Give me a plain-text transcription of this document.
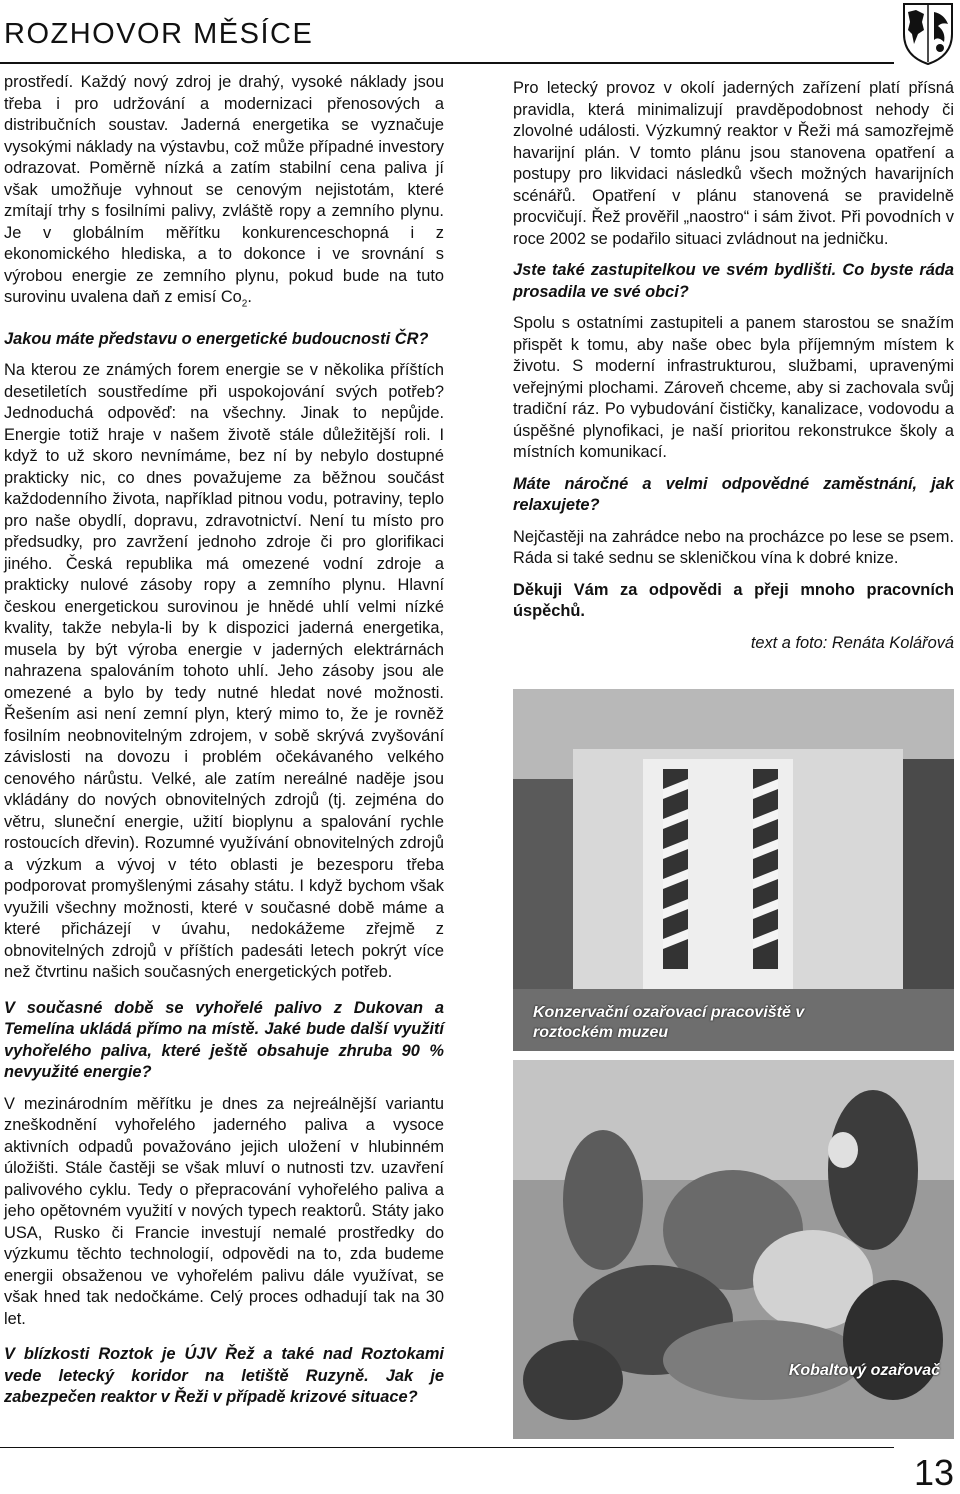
ROZHOVOR MĚSÍCE

prostředí. Každý nový zdroj je drahý, vysoké náklady jsou třeba i pro udržování a modernizaci přenosových a distribučních soustav. Jaderná energetika se vyznačuje vysokými náklady na výstavbu, což může případné investory odrazovat. Poměrně nízká a zatím stabilní cena paliva jí však umožňuje vyhnout se cenovým nejistotám, které zmítají trhy s fosilními palivy, zvláště ropy a zemního plynu. Je v globálním měřítku konkurenceschopná i z ekonomického hlediska, a to dokonce i ve srovnání s výrobou energie ze zemního plynu, pokud bude na tuto surovinu uvalena daň z emisí $Co_2$.

Jakou máte představu o energetické budoucnosti ČR?

Na kterou ze známých forem energie se v několika příštích desetiletích soustředíme při uspokojování svých potřeb? Jednoduchá odpověď: na všechny. Jinak to nepůjde. Energie totiž hraje v našem životě stále důležitější roli. I když to už skoro nevnímáme, bez ní by nebylo dostupné prakticky nic, co dnes považujeme za běžnou součást každodenního života, například pitnou vodu, potraviny, teplo pro naše obydlí, dopravu, zdravotnictví. Není tu místo pro předsudky, pro zavržení jednoho zdroje či pro glorifikaci jiného. Česká republika má omezené vodní zdroje a prakticky nulové zásoby ropy a zemního plynu. Hlavní českou energetickou surovinou je hnědé uhlí velmi nízké kvality, takže nebyla-li by k dispozici jaderná energetika, musela by být výroba energie v jaderných elektrárnách nahrazena spalováním tohoto uhlí. Jeho zásoby jsou ale omezené a bylo by tedy nutné hledat nové možnosti. Řešením asi není zemní plyn, který mimo to, že je rovněž fosilním neobnovitelným zdrojem, v sobě skrývá zvyšování závislosti na dovozu i problém očekávaného velkého cenového nárůstu. Velké, ale zatím nereálné naděje jsou vkládány do nových obnovitelných zdrojů (tj. zejména do větru, sluneční energie, užití bioplynu a spalování rychle rostoucích dřevin). Rozumné využívání obnovitelných zdrojů a výzkum a vývoj v této oblasti je bezesporu třeba podporovat promyšlenými zásahy státu. I když bychom však využili všechny možnosti, které v současné době máme a které přicházejí v úvahu, nedokážeme zřejmě z obnovitelných zdrojů v příštích padesáti letech pokrýt více než čtvrtinu našich současných energetických potřeb.

V současné době se vyhořelé palivo z Dukovan a Temelína ukládá přímo na místě. Jaké bude další využití vyhořelého paliva, které ještě obsahuje zhruba 90 % nevyužité energie?

V mezinárodním měřítku je dnes za nejreálnější variantu zneškodnění vyhořelého jaderného paliva a vysoce aktivních odpadů považováno jejich uložení v hlubinném úložišti. Stále častěji se však mluví o nutnosti tzv. uzavření palivového cyklu. Tedy o přepracování vyhořelého paliva a jeho opětovném využití v nových typech reaktorů. Státy jako USA, Rusko či Francie investují nemalé prostředky do výzkumu těchto technologií, odpovědi na to, zda budeme energii obsaženou ve vyhořelém palivu dále využívat, se však hned tak nedočkáme. Celý proces odhadují tak na 30 let.

V blízkosti Roztok je ÚJV Řež a také nad Roztokami vede letecký koridor na letiště Ruzyně. Jak je zabezpečen reaktor v Řeži v případě krizové situace?

Pro letecký provoz v okolí jaderných zařízení platí přísná pravidla, která minimalizují pravděpodobnost nehody či zlovolné události. Výzkumný reaktor v Řeži má samozřejmě havarijní plán. V tomto plánu jsou stanovena opatření a postupy pro likvidaci následků všech možných havarijních scénářů. Opatření v plánu stanovená se pravidelně procvičují. Řež prověřil „naostro“ i sám život. Při povodních v roce 2002 se podařilo situaci zvládnout na jedničku.

Jste také zastupitelkou ve svém bydlišti. Co byste ráda prosadila ve své obci?

Spolu s ostatními zastupiteli a panem starostou se snažím přispět k tomu, aby naše obec byla příjemným místem k životu. S moderní infrastrukturou, službami, upravenými veřejnými plochami. Zároveň chceme, aby si zachovala svůj tradiční ráz. Po vybudování čističky, kanalizace, vodovodu a úspěšné plynofikaci, je naší prioritou rekonstrukce školy a místních komunikací.

Máte náročné a velmi odpovědné zaměstnání, jak relaxujete?

Nejčastěji na zahrádce nebo na procházce po lese se psem. Ráda si také sednu se skleničkou vína k dobré knize.

Děkuji Vám za odpovědi a přeji mnoho pracovních úspěchů.

text a foto: Renáta Kolářová

Konzervační ozařovací pracoviště v roztockém muzeu
Kobaltový ozařovač
13
